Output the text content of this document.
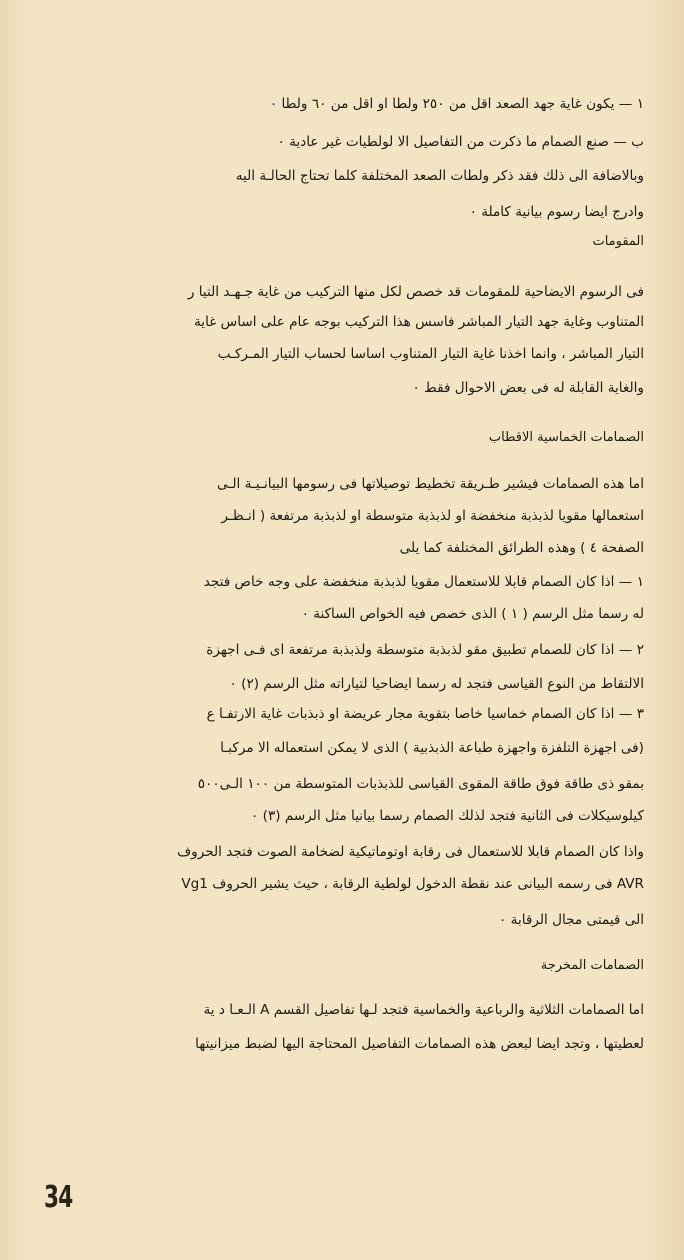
١ — يكون غاية جهد الصعد اقل من ٢٥٠ ولطا او اقل من ٦٠ ولطا ٠
ب — صنع الصمام ما ذكرت من التفاصيل الا لولطيات غير عادية ٠
وبالاضافة الى ذلك فقد ذكر ولطات الصعد المختلفة كلما تحتاج الحالـة اليه
وادرج ايضا رسوم بيانية كاملة ٠
المقومات
فى الرسوم الايضاحية للمقومات قد خصص لكل منها التركيب من غاية جـهـد التيا ر
المتناوب وغاية جهد التيار المباشر فاسس هذا التركيب بوجه عام على اساس غاية
التيار المباشر ، وانما اخذنا غاية التيار المتناوب اساسا لحساب التيار المـركـب
والغاية القابلة له فى بعض الاحوال فقط ٠
الصمامات الخماسية الاقطاب
اما هذه الصمامات فيشير طـريقة تخطيط توصيلاتها فى رسومها البيانـيـة الـى
استعمالها مقويا لذبذبة منخفضة او لذبذبة متوسطة او لذبذبة مرتفعة ( انـظـر
الصفحة ٤ ) وهذه الطرائق المختلفة كما يلى
١ — اذا كان الصمام قابلا للاستعمال مقويا لذبذبة منخفضة على وجه خاص فتجد
له رسما مثل الرسم ( ١ ) الذى خصص فيه الخواص الساكنة ٠
٢ — اذا كان للصمام تطبيق مقو لذبذبة متوسطة ولذبذبة مرتفعة اى فـى اجهزة
الالتقاط من النوع القياسى فتجد له رسما ايضاحيا لتياراته مثل الرسم (٢) ٠
٣ — اذا كان الصمام خماسيا خاصا بتقوية مجار عريضة او ذبذبات غاية الارتفـا ع
(فى اجهزة التلفزة واجهزة طباعة الذبذبية ) الذى لا يمكن استعماله الا مركبـا
بمقو ذى طاقة فوق طاقة المقوى القياسى للذبذبات المتوسطة من ١٠٠ الـى٥٠٠
كيلوسيكلات فى الثانية فتجد لذلك الصمام رسما بيانيا مثل الرسم (٣) ٠
واذا كان الصمام قابلا للاستعمال فى رقابة اوتوماتيكية لضخامة الصوت فتجد الحروف
AVR فى رسمه البيانى عند نقطة الدخول لولطية الرقابة ، حيث يشير الحروف Vg1
الى قيمتى مجال الرقابة ٠
الصمامات المخرجة
اما الصمامات الثلاثية والرباعية والخماسية فتجد لـها تفاصيل القسم A الـعـا د ية
لعطيتها ، وتجد ايضا لبعض هذه الصمامات التفاصيل المحتاجة اليها لضبط ميزانيتها
34
